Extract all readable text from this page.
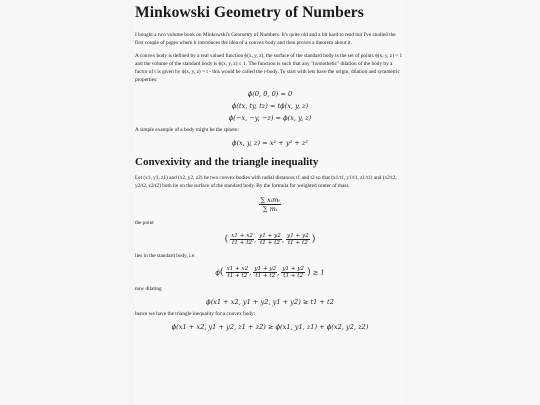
Minkowski Geometry of Numbers

I bought a two volume book on Minkowski's Geometry of Numbers. It's quite old and a bit hard to read but I've studied the first couple of pages where it introduces the idea of a convex body and then proves a theorem about it.

A convex body is defined by a real valued function ϕ(x, y, z), the surface of the standard body is the set of points ϕ(x, y, z) = 1 and the volume of the standard body is ϕ(x, y, z) ≤ 1. The function is such that any "homothetic" dilation of the body by a factor of t is given by ϕ(x, y, z) = t - this would be called the t-body. To start with lets have the origin, dilation and symmetric properties:

ϕ(0, 0, 0) = 0
ϕ(tx, ty, tz) = tϕ(x, y, z)
ϕ(−x, −y, −z) = ϕ(x, y, z)

A simple example of a body might be the sphere:

ϕ(x, y, z) = x² + y² + z²
Convexivity and the triangle inequality

Let (x1, y1, z1) and (x2, y2, z2) be two convex bodies with radial distances t1 and t2 so that (x1/t1, y1/t1, z1/t1) and (x2/t2, y2/t2, z2/t2) both lie on the surface of the standard body. By the formula for weighted center of mass

$\frac{\text{∑ xᵢmᵢ}}{\text{∑ mᵢ}}$

the point

( $\frac{x1 + x2}{t1 + t2}$ , $\frac{y1 + y2}{t1 + t2}$ , $\frac{y1 + y2}{t1 + t2}$ )

lies in the standard body, i.e.

$\phi( \frac{x1 + x2}{t1 + t2}$ , $\frac{y1 + y2}{t1 + t2}$ , $\frac{y1 + y2}{t1 + t2}$ ) ≥ 1

now dilating

ϕ(x1 + x2, y1 + y2, y1 + y2) ≥ t1 + t2

hence we have the triangle inequality for a convex body:

ϕ(x1 + x2, y1 + y2, z1 + z2) ≥ ϕ(x1, y1, z1) + ϕ(x2, y2, z2)
